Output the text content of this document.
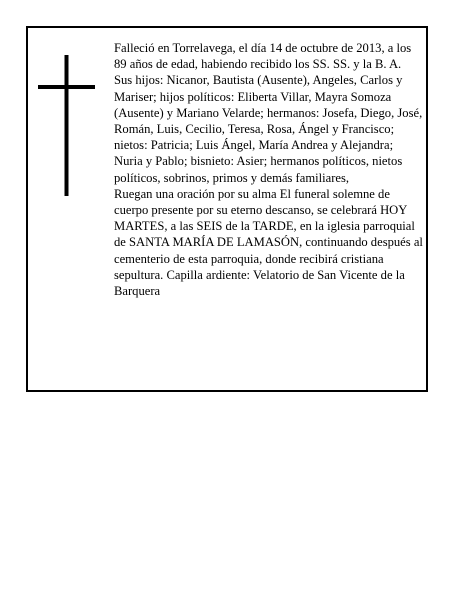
Falleció en Torrelavega, el día 14 de octubre de 2013, a los 89 años de edad, habiendo recibido los SS. SS. y la B. A.

Sus hijos: Nicanor, Bautista (Ausente), Angeles, Carlos y Mariser; hijos políticos: Eliberta Villar, Mayra Somoza (Ausente) y Mariano Velarde; hermanos: Josefa, Diego, José, Román, Luis, Cecilio, Teresa, Rosa, Ángel y Francisco; nietos: Patricia; Luis Ángel, María Andrea y Alejandra; Nuria y Pablo; bisnieto: Asier; hermanos políticos, nietos políticos, sobrinos, primos y demás familiares,

Ruegan una oración por su alma El funeral solemne de cuerpo presente por su eterno descanso, se celebrará HOY MARTES, a las SEIS de la TARDE, en la iglesia parroquial de SANTA MARÍA DE LAMASÓN, continuando después al cementerio de esta parroquia, donde recibirá cristiana sepultura. Capilla ardiente: Velatorio de San Vicente de la Barquera
